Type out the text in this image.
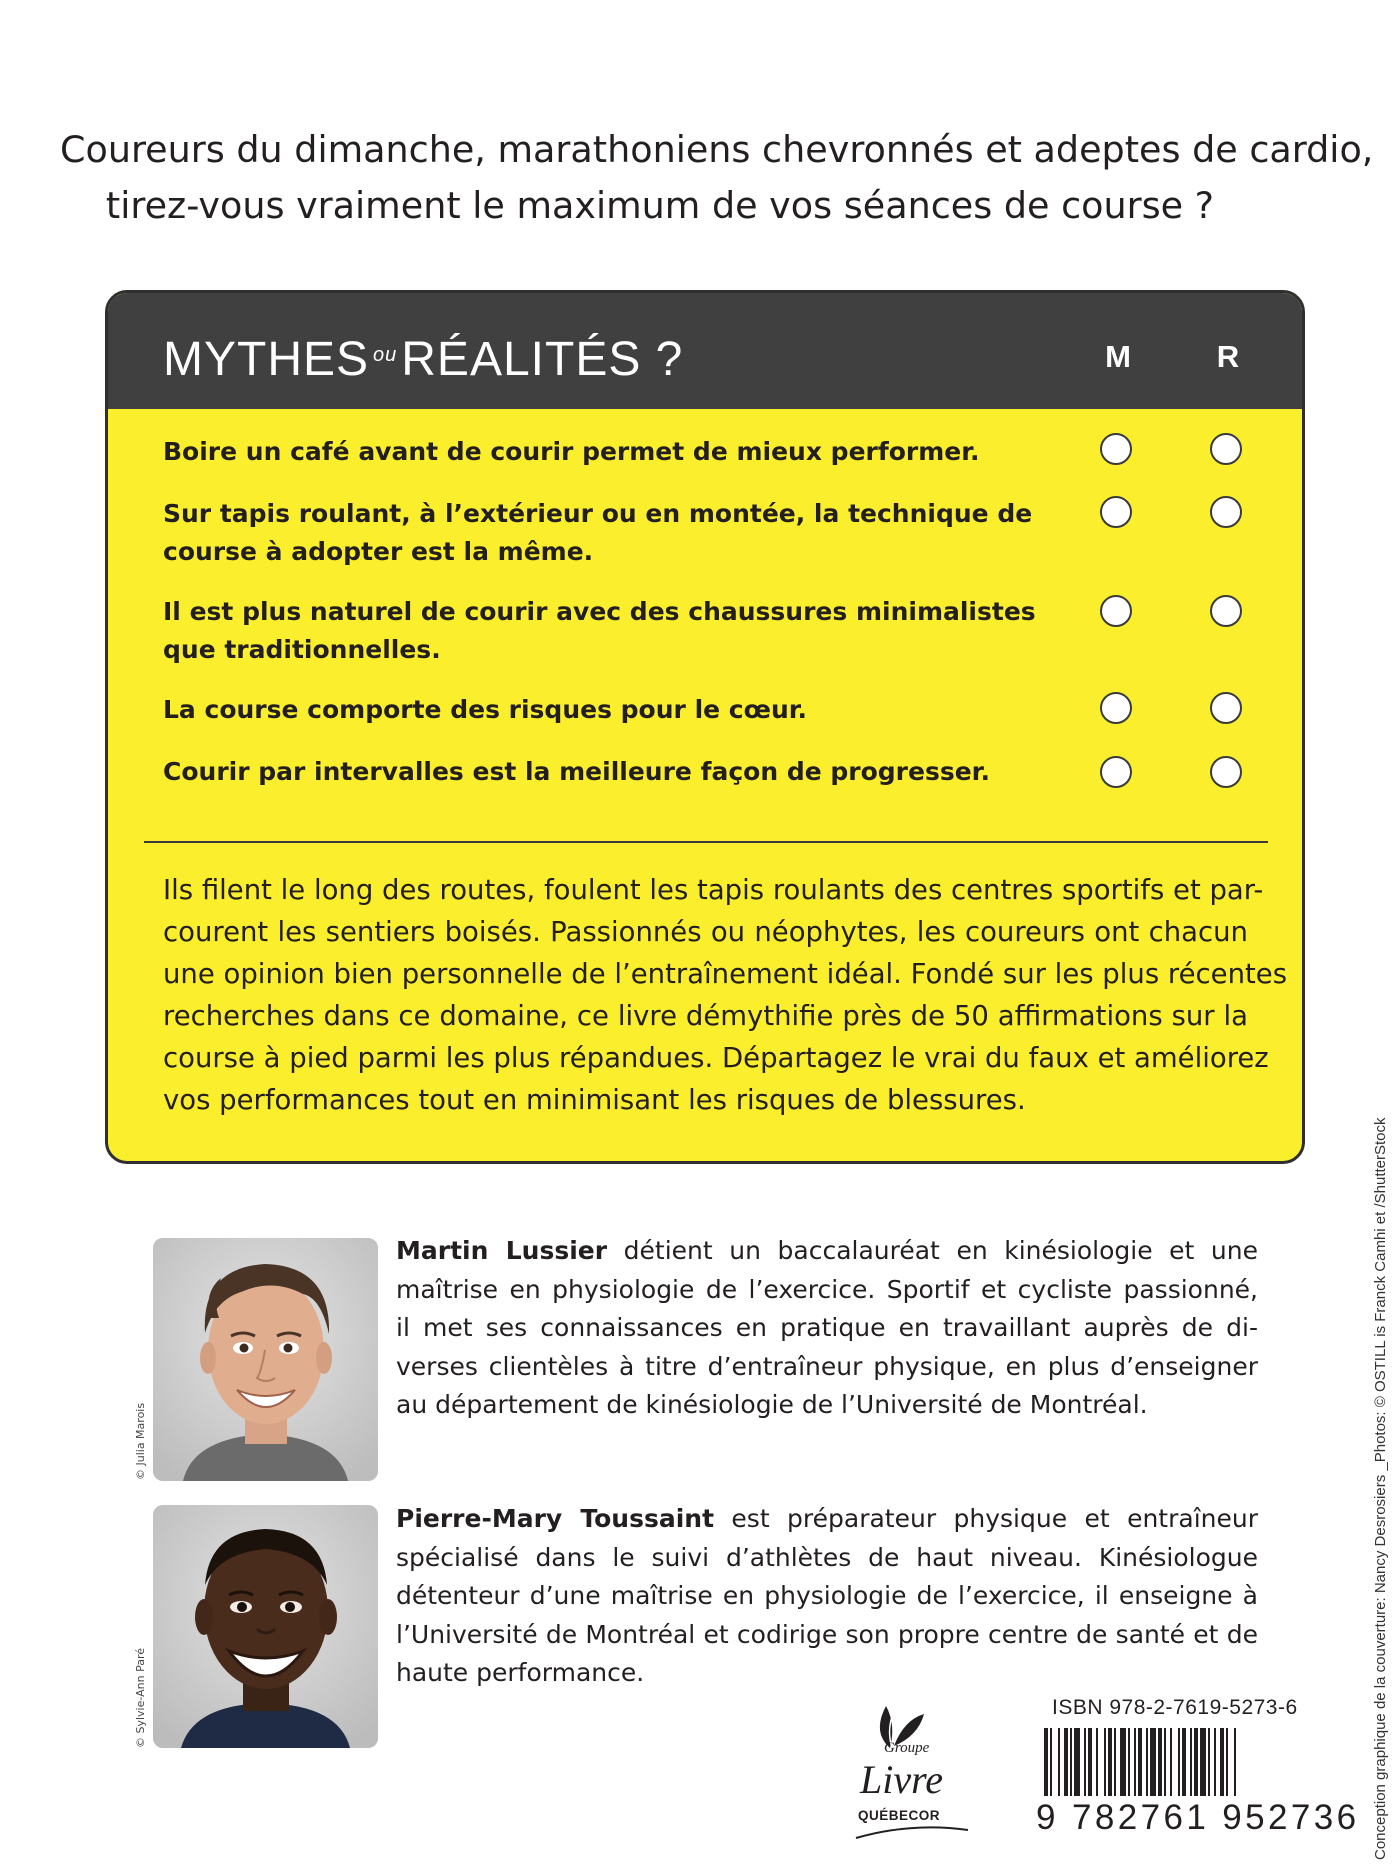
Coureurs du dimanche, marathoniens chevronnés et adeptes de cardio,
tirez-vous vraiment le maximum de vos séances de course ?
MYTHES $^{ou}$RÉALITÉS ?	M	R
Boire un café avant de courir permet de mieux performer.
Sur tapis roulant, à l’extérieur ou en montée, la technique de
course à adopter est la même.
Il est plus naturel de courir avec des chaussures minimalistes
que traditionnelles.
La course comporte des risques pour le cœur.
Courir par intervalles est la meilleure façon de progresser.
Ils filent le long des routes, foulent les tapis roulants des centres sportifs et par-
courent les sentiers boisés. Passionnés ou néophytes, les coureurs ont chacun
une opinion bien personnelle de l’entraînement idéal. Fondé sur les plus récentes
recherches dans ce domaine, ce livre démythifie près de 50 affirmations sur la
course à pied parmi les plus répandues. Départagez le vrai du faux et améliorez
vos performances tout en minimisant les risques de blessures.
© Julia Marois
Martin Lussier détient un baccalauréat en kinésiologie et une
maîtrise en physiologie de l’exercice. Sportif et cycliste passionné,
il met ses connaissances en pratique en travaillant auprès de di-
verses clientèles à titre d’entraîneur physique, en plus d’enseigner
au département de kinésiologie de l’Université de Montréal.
© Sylvie-Ann Paré
Pierre-Mary Toussaint est préparateur physique et entraîneur
spécialisé dans le suivi d’athlètes de haut niveau. Kinésiologue
détenteur d’une maîtrise en physiologie de l’exercice, il enseigne à
l’Université de Montréal et codirige son propre centre de santé et de
haute performance.
Groupe
Livre
QUÉBECOR
ISBN 978-2-7619-5273-6
9 782761 952736 Conception graphique de la couverture: Nancy Desrosiers _Photos: © OSTILL is Franck Camhi et /ShutterStock
